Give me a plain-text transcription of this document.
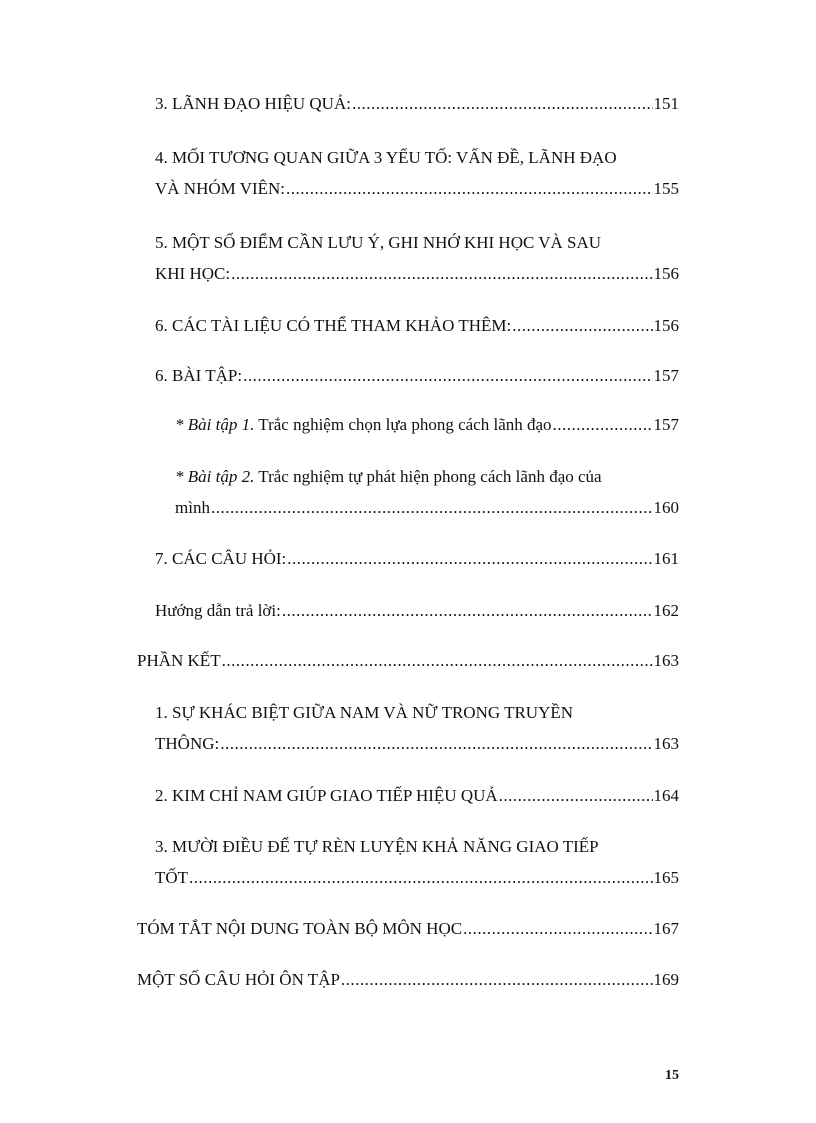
3. LÃNH ĐẠO HIỆU QUẢ: .....	151
4. MỐI TƯƠNG QUAN GIỮA 3 YẾU TỐ: VẤN ĐỀ, LÃNH ĐẠO
VÀ NHÓM VIÊN: .....	155
5. MỘT SỐ ĐIỂM CẦN LƯU Ý, GHI NHỚ KHI HỌC VÀ SAU
KHI HỌC: .....	156
6. CÁC TÀI LIỆU CÓ THỂ THAM KHẢO THÊM: .....	156
6. BÀI TẬP: .....	157
* Bài tập 1. Trắc nghiệm chọn lựa phong cách lãnh đạo .....	157
* Bài tập 2. Trắc nghiệm tự phát hiện phong cách lãnh đạo của
mình .....	160
7. CÁC CÂU HỎI: .....	161
Hướng dẫn trả lời: .....	162
PHẦN KẾT .....	163
1. SỰ KHÁC BIỆT GIỮA NAM VÀ NỮ TRONG TRUYỀN
THÔNG: .....	163
2. KIM CHỈ NAM GIÚP GIAO TIẾP HIỆU QUẢ .....	164
3. MƯỜI ĐIỀU ĐỂ TỰ RÈN LUYỆN KHẢ NĂNG GIAO TIẾP
TỐT .....	165
TÓM TẮT NỘI DUNG TOÀN BỘ MÔN HỌC .....	167
MỘT SỐ CÂU HỎI ÔN TẬP .....	169
15
